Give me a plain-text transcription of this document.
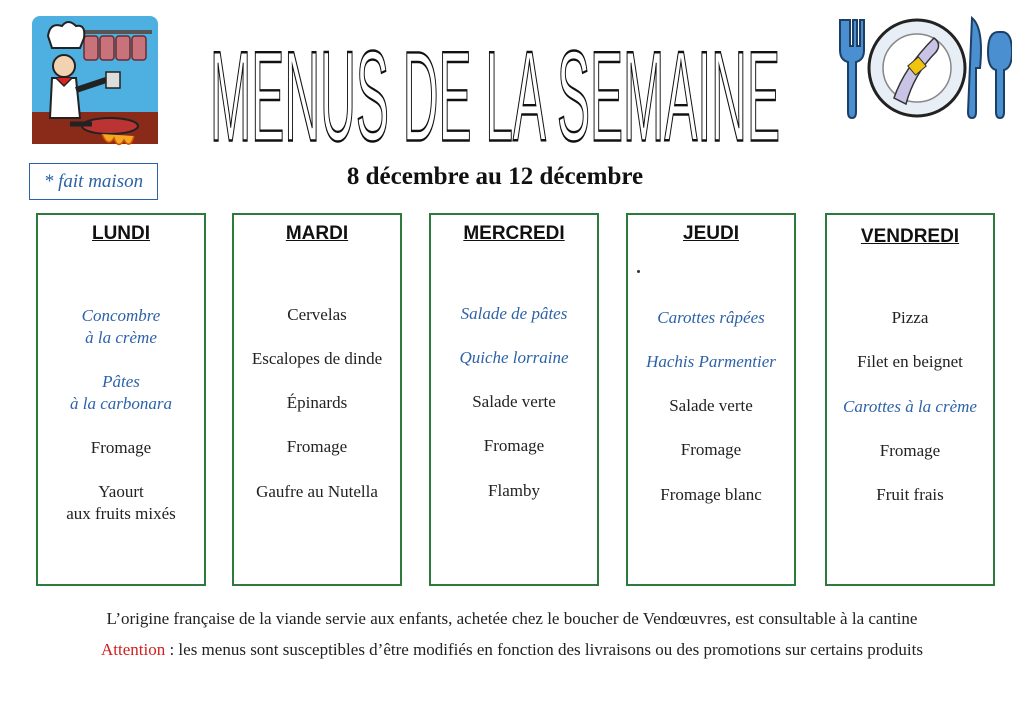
MENUS DE LA SEMAINE
* fait maison	8 décembre au 12 décembre
LUNDI
Concombre
à la crème
Pâtes
à la carbonara
Fromage
Yaourt
aux fruits mixés
MARDI
Cervelas
Escalopes de dinde
Épinards
Fromage
Gaufre au Nutella
MERCREDI
Salade de pâtes
Quiche lorraine
Salade verte
Fromage
Flamby
JEUDI
Carottes râpées
Hachis Parmentier
Salade verte
Fromage
Fromage blanc
VENDREDI
Pizza
Filet en beignet
Carottes à la crème
Fromage
Fruit frais
L’origine française de la viande servie aux enfants, achetée chez le boucher de Vendœuvres, est consultable à la cantine
Attention : les menus sont susceptibles d’être modifiés en fonction des livraisons ou des promotions sur certains produits
